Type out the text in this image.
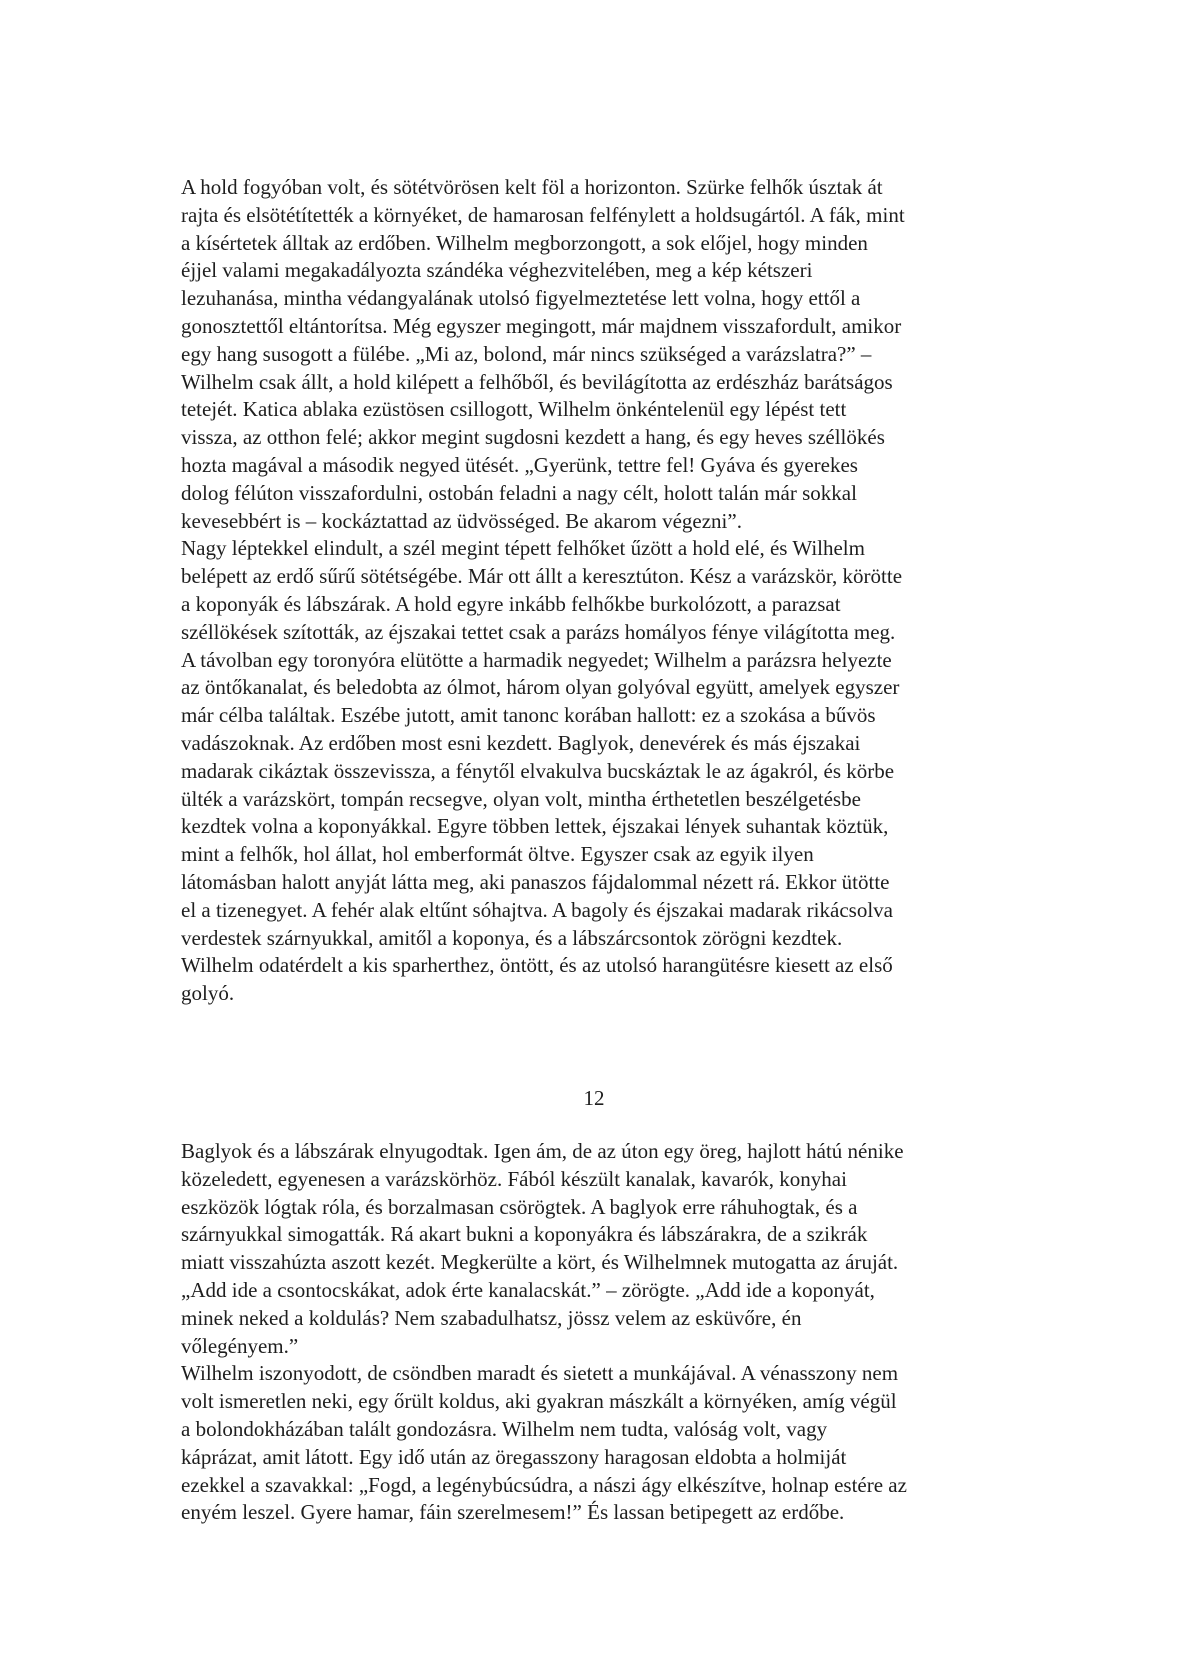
A hold fogyóban volt, és sötétvörösen kelt föl a horizonton. Szürke felhők úsztak át
rajta és elsötétítették a környéket, de hamarosan felfénylett a holdsugártól. A fák, mint
a kísértetek álltak az erdőben. Wilhelm megborzongott, a sok előjel, hogy minden
éjjel valami megakadályozta szándéka véghezvitelében, meg a kép kétszeri
lezuhanása, mintha védangyalának utolsó figyelmeztetése lett volna, hogy ettől a
gonosztettől eltántorítsa. Még egyszer megingott, már majdnem visszafordult, amikor
egy hang susogott a fülébe. „Mi az, bolond, már nincs szükséged a varázslatra?” –
Wilhelm csak állt, a hold kilépett a felhőből, és bevilágította az erdészház barátságos
tetejét. Katica ablaka ezüstösen csillogott, Wilhelm önkéntelenül egy lépést tett
vissza, az otthon felé; akkor megint sugdosni kezdett a hang, és egy heves széllökés
hozta magával a második negyed ütését. „Gyerünk, tettre fel! Gyáva és gyerekes
dolog félúton visszafordulni, ostobán feladni a nagy célt, holott talán már sokkal
kevesebbért is – kockáztattad az üdvösséged. Be akarom végezni”.

Nagy léptekkel elindult, a szél megint tépett felhőket űzött a hold elé, és Wilhelm
belépett az erdő sűrű sötétségébe. Már ott állt a keresztúton. Kész a varázskör, körötte
a koponyák és lábszárak. A hold egyre inkább felhőkbe burkolózott, a parazsat
széllökések szították, az éjszakai tettet csak a parázs homályos fénye világította meg.
A távolban egy toronyóra elütötte a harmadik negyedet; Wilhelm a parázsra helyezte
az öntőkanalat, és beledobta az ólmot, három olyan golyóval együtt, amelyek egyszer
már célba találtak. Eszébe jutott, amit tanonc korában hallott: ez a szokása a bűvös
vadászoknak. Az erdőben most esni kezdett. Baglyok, denevérek és más éjszakai
madarak cikáztak összevissza, a fénytől elvakulva bucskáztak le az ágakról, és körbe
ülték a varázskört, tompán recsegve, olyan volt, mintha érthetetlen beszélgetésbe
kezdtek volna a koponyákkal. Egyre többen lettek, éjszakai lények suhantak köztük,
mint a felhők, hol állat, hol emberformát öltve. Egyszer csak az egyik ilyen
látomásban halott anyját látta meg, aki panaszos fájdalommal nézett rá. Ekkor ütötte
el a tizenegyet. A fehér alak eltűnt sóhajtva. A bagoly és éjszakai madarak rikácsolva
verdestek szárnyukkal, amitől a koponya, és a lábszárcsontok zörögni kezdtek.
Wilhelm odatérdelt a kis sparherthez, öntött, és az utolsó harangütésre kiesett az első
golyó.

12

Baglyok és a lábszárak elnyugodtak. Igen ám, de az úton egy öreg, hajlott hátú nénike
közeledett, egyenesen a varázskörhöz. Fából készült kanalak, kavarók, konyhai
eszközök lógtak róla, és borzalmasan csörögtek. A baglyok erre ráhuhogtak, és a
szárnyukkal simogatták. Rá akart bukni a koponyákra és lábszárakra, de a szikrák
miatt visszahúzta aszott kezét. Megkerülte a kört, és Wilhelmnek mutogatta az áruját.
„Add ide a csontocskákat, adok érte kanalacskát.” – zörögte. „Add ide a koponyát,
minek neked a koldulás? Nem szabadulhatsz, jössz velem az esküvőre, én
vőlegényem.”

Wilhelm iszonyodott, de csöndben maradt és sietett a munkájával. A vénasszony nem
volt ismeretlen neki, egy őrült koldus, aki gyakran mászkált a környéken, amíg végül
a bolondokházában talált gondozásra. Wilhelm nem tudta, valóság volt, vagy
káprázat, amit látott. Egy idő után az öregasszony haragosan eldobta a holmiját
ezekkel a szavakkal: „Fogd, a legénybúcsúdra, a nászi ágy elkészítve, holnap estére az
enyém leszel. Gyere hamar, fáin szerelmesem!” És lassan betipegett az erdőbe.
